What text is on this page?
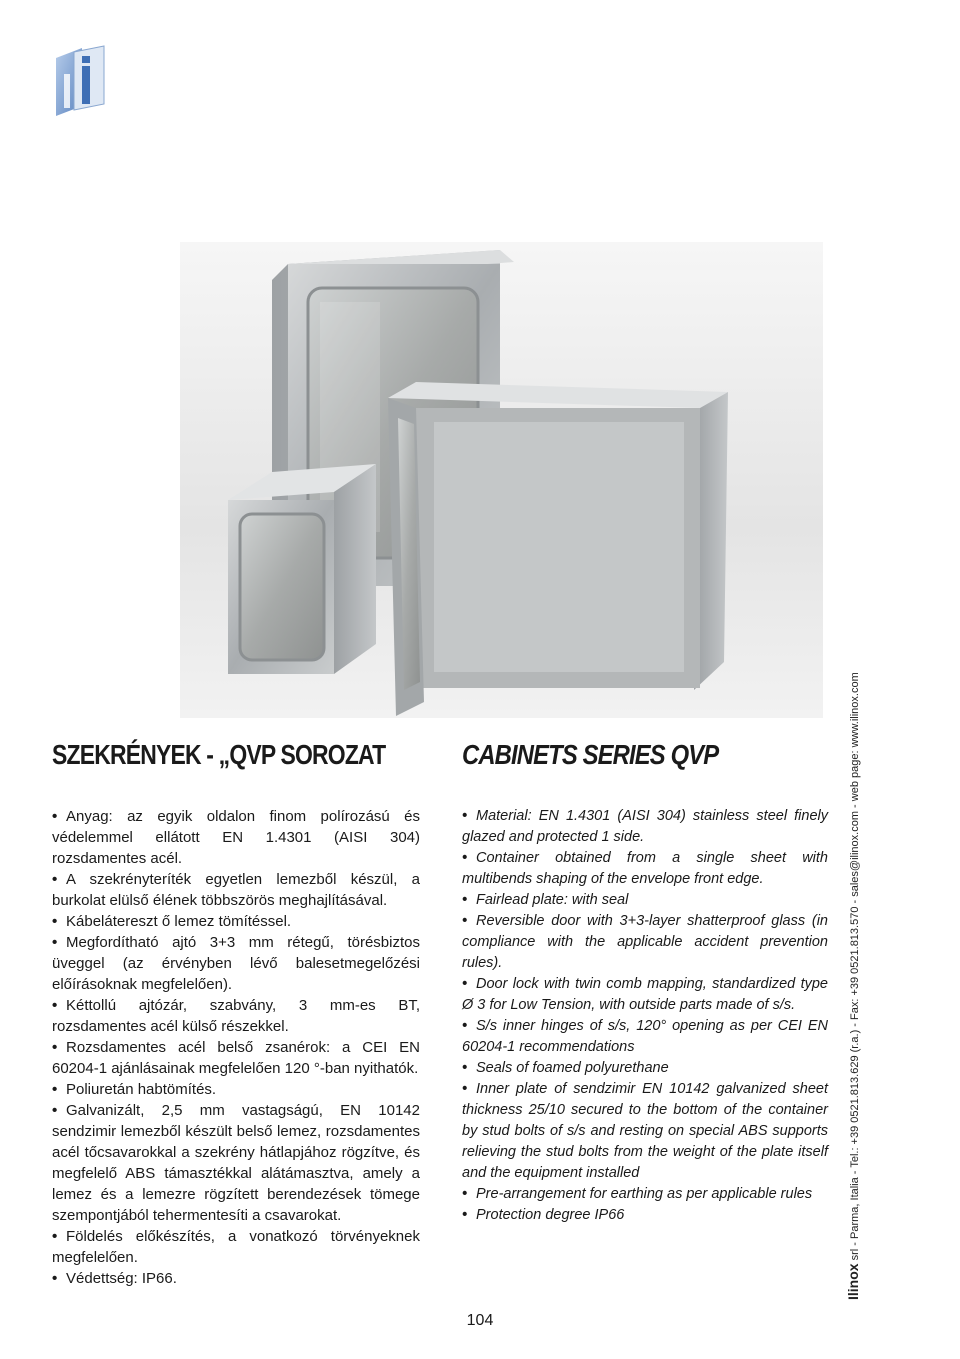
SZEKRÉNYEK - „QVP SOROZAT
• Anyag: az egyik oldalon finom polírozású és védelemmel ellátott EN 1.4301 (AISI 304) rozsdamentes acél.
• A szekrényteríték egyetlen lemezből készül, a burkolat elülső élének többszörös meghajlításával.
• Kábelátereszt ő lemez tömítéssel.
• Megfordítható ajtó 3+3 mm rétegű, törésbiztos üveggel (az érvényben lévő balesetmegelőzési előírásoknak megfelelően).
• Kéttollú ajtózár, szabvány, 3 mm-es BT, rozsdamentes acél külső részekkel.
• Rozsdamentes acél belső zsanérok: a CEI EN 60204-1 ajánlásainak megfelelően 120 °-ban nyithatók.
• Poliuretán habtömítés.
• Galvanizált, 2,5 mm vastagságú, EN 10142 sendzimir lemezből készült belső lemez, rozsdamentes acél tőcsavarokkal a szekrény hátlapjához rögzítve, és megfelelő ABS támasztékkal alátámasztva, amely a lemez és a lemezre rögzített berendezések tömege szempontjából tehermentesíti a csavarokat.
• Földelés előkészítés, a vonatkozó törvényeknek megfelelően.
• Védettség: IP66.
CABINETS SERIES QVP
• Material: EN 1.4301 (AISI 304) stainless steel finely glazed and protected 1 side.
• Container obtained from a single sheet with multibends shaping of the envelope front edge.
• Fairlead plate: with seal
• Reversible door with 3+3-layer shatterproof glass (in compliance with the applicable accident prevention rules).
• Door lock with twin comb mapping, standardized type Ø 3 for Low Tension, with outside parts made of s/s.
• S/s inner hinges of s/s, 120° opening as per CEI EN 60204-1 recommendations
• Seals of foamed polyurethane
• Inner plate of sendzimir EN 10142 galvanized sheet thickness 25/10 secured to the bottom of the container by stud bolts of s/s and resting on special ABS supports relieving the stud bolts from the weight of the plate itself and the equipment installed
• Pre-arrangement for earthing as per applicable rules
• Protection degree IP66
Ilinox srl - Parma, Italia - Tel.: +39 0521.813.629 (r.a.) - Fax: +39 0521.813.570 - sales@ilinox.com - web page: www.ilinox.com
104
